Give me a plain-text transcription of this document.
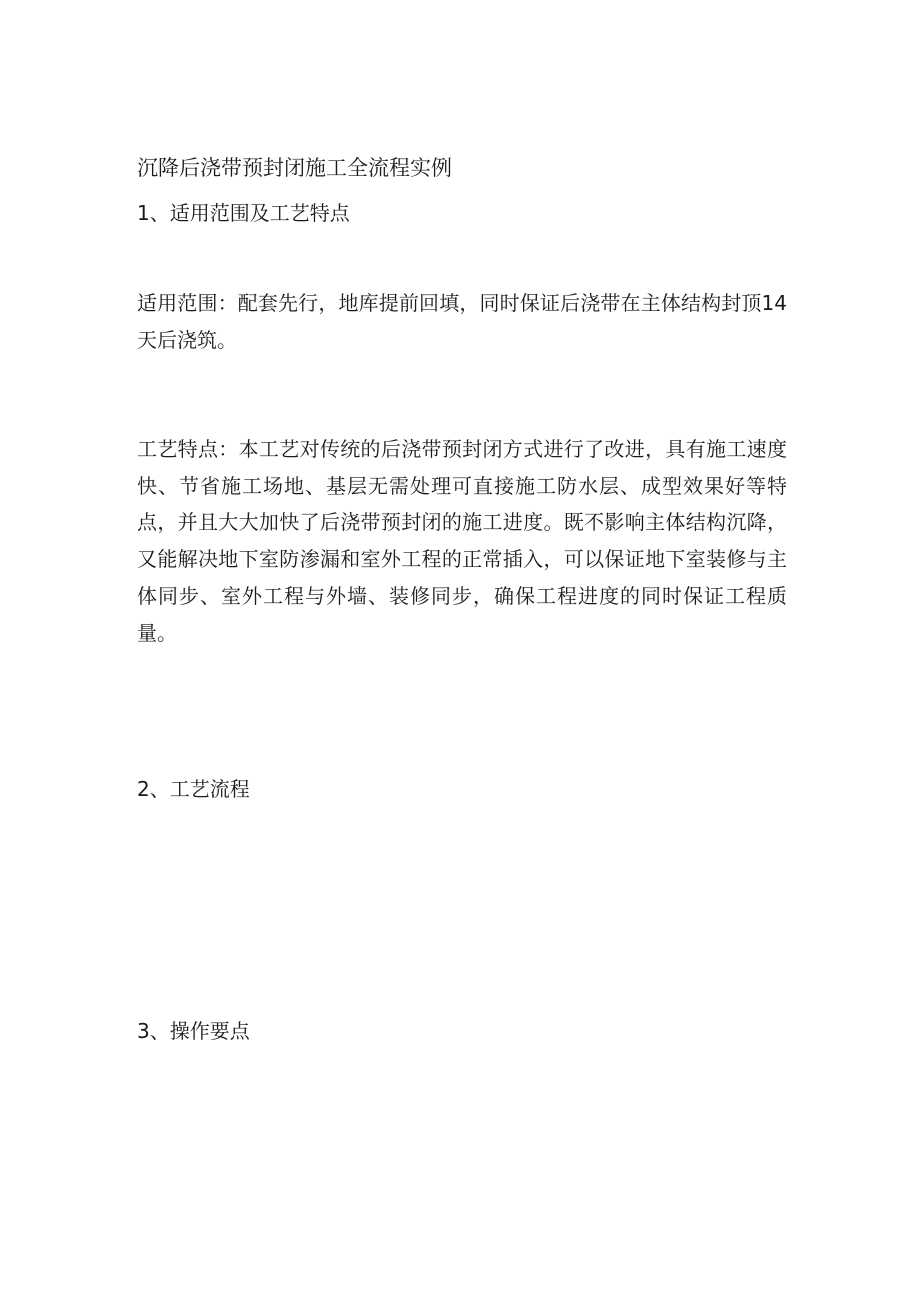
沉降后浇带预封闭施工全流程实例
1、适用范围及工艺特点
适用范围：配套先行，地库提前回填，同时保证后浇带在主体结构封顶14天后浇筑。
工艺特点：本工艺对传统的后浇带预封闭方式进行了改进，具有施工速度快、节省施工场地、基层无需处理可直接施工防水层、成型效果好等特点，并且大大加快了后浇带预封闭的施工进度。既不影响主体结构沉降，又能解决地下室防渗漏和室外工程的正常插入，可以保证地下室装修与主体同步、室外工程与外墙、装修同步，确保工程进度的同时保证工程质量。
2、工艺流程
3、操作要点
